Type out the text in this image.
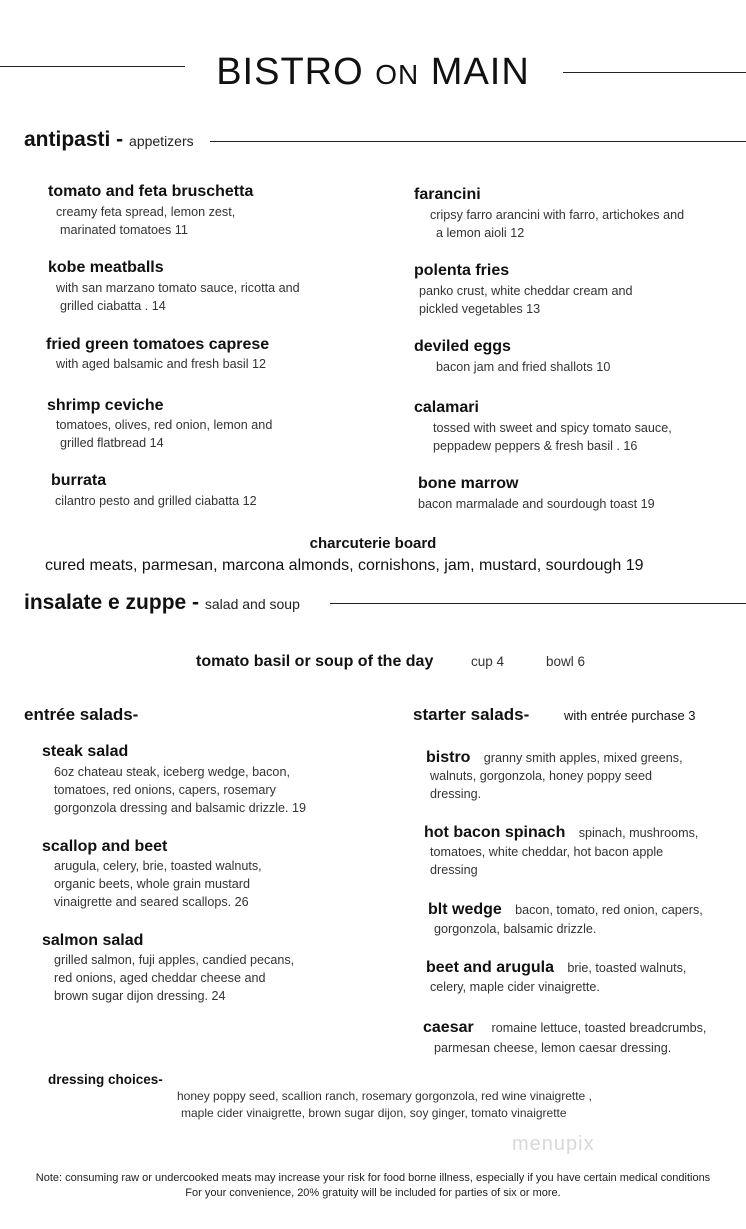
BISTRO ON MAIN
antipasti - appetizers
tomato and feta bruschetta
creamy feta spread, lemon zest,
marinated tomatoes 11
kobe meatballs
with san marzano tomato sauce, ricotta and
grilled ciabatta . 14
fried green tomatoes caprese
with aged balsamic and fresh basil 12
shrimp ceviche
tomatoes, olives, red onion, lemon and
grilled flatbread 14
burrata
cilantro pesto and grilled ciabatta 12
farancini
cripsy farro arancini with farro, artichokes and
a lemon aioli 12
polenta fries
panko crust, white cheddar cream and
pickled vegetables 13
deviled eggs
bacon jam and fried shallots 10
calamari
tossed with sweet and spicy tomato sauce,
peppadew peppers & fresh basil . 16
bone marrow
bacon marmalade and sourdough toast 19
charcuterie board
cured meats, parmesan, marcona almonds, cornishons, jam, mustard, sourdough 19
insalate e zuppe - salad and soup
tomato basil or soup of the day	cup 4	bowl 6
entrée salads-	starter salads-	with entrée purchase 3
steak salad
6oz chateau steak, iceberg wedge, bacon,
tomatoes, red onions, capers, rosemary
gorgonzola dressing and balsamic drizzle. 19
scallop and beet
arugula, celery, brie, toasted walnuts,
organic beets, whole grain mustard
vinaigrette and seared scallops. 26
salmon salad
grilled salmon, fuji apples, candied pecans,
red onions, aged cheddar cheese and
brown sugar dijon dressing. 24
bistro granny smith apples, mixed greens,
walnuts, gorgonzola, honey poppy seed
dressing.
hot bacon spinach spinach, mushrooms,
tomatoes, white cheddar, hot bacon apple
dressing
blt wedge bacon, tomato, red onion, capers,
gorgonzola, balsamic drizzle.
beet and arugula brie, toasted walnuts,
celery, maple cider vinaigrette.
caesar romaine lettuce, toasted breadcrumbs,
parmesan cheese, lemon caesar dressing.
dressing choices-
honey poppy seed, scallion ranch, rosemary gorgonzola, red wine vinaigrette ,
maple cider vinaigrette, brown sugar dijon, soy ginger, tomato vinaigrette
menupix
Note: consuming raw or undercooked meats may increase your risk for food borne illness, especially if you have certain medical conditions
For your convenience, 20% gratuity will be included for parties of six or more.
